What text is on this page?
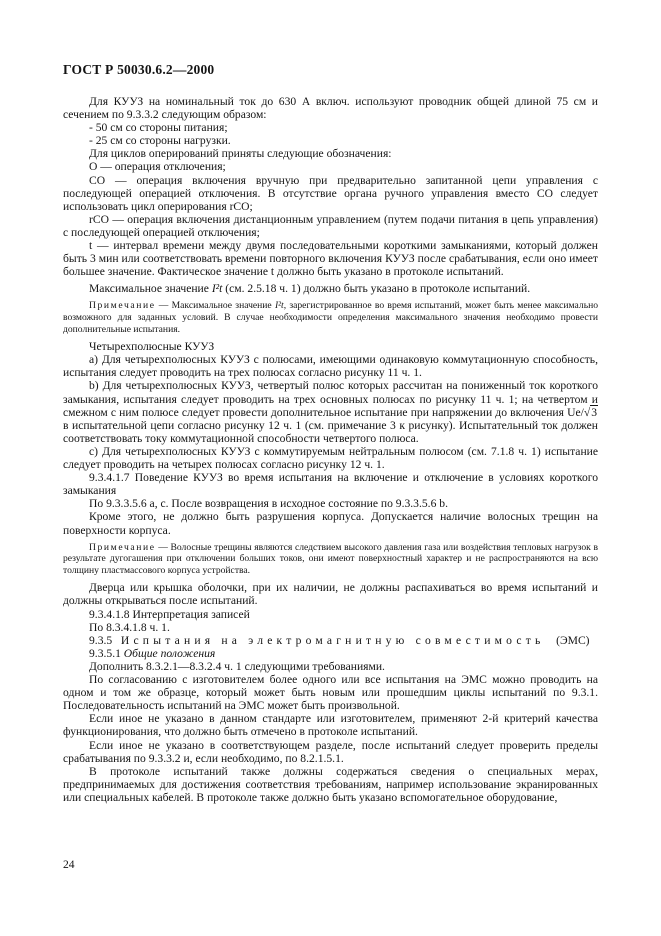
ГОСТ Р 50030.6.2—2000

Для КУУЗ на номинальный ток до 630 А включ. используют проводник общей длиной 75 см и сечением по 9.3.3.2 следующим образом:

- 50 см со стороны питания;

- 25 см со стороны нагрузки.

Для циклов оперирований приняты следующие обозначения:

О — операция отключения;

СО — операция включения вручную при предварительно запитанной цепи управления с последующей операцией отключения. В отсутствие органа ручного управления вместо СО следует использовать цикл оперирования rCO;

rCO — операция включения дистанционным управлением (путем подачи питания в цепь управления) с последующей операцией отключения;

t — интервал времени между двумя последовательными короткими замыканиями, который должен быть 3 мин или соответствовать времени повторного включения КУУЗ после срабатывания, если оно имеет большее значение. Фактическое значение t должно быть указано в протоколе испытаний.

Максимальное значение I²t (см. 2.5.18 ч. 1) должно быть указано в протоколе испытаний.

Примечание — Максимальное значение I²t, зарегистрированное во время испытаний, может быть менее максимально возможного для заданных условий. В случае необходимости определения максимального значения необходимо провести дополнительные испытания.

Четырехполюсные КУУЗ

а) Для четырехполюсных КУУЗ с полюсами, имеющими одинаковую коммутационную способность, испытания следует проводить на трех полюсах согласно рисунку 11 ч. 1.

b) Для четырехполюсных КУУЗ, четвертый полюс которых рассчитан на пониженный ток короткого замыкания, испытания следует проводить на трех основных полюсах по рисунку 11 ч. 1; на четвертом и смежном с ним полюсе следует провести дополнительное испытание при напряжении до включения Ue/√3 в испытательной цепи согласно рисунку 12 ч. 1 (см. примечание 3 к рисунку). Испытательный ток должен соответствовать току коммутационной способности четвертого полюса.

с) Для четырехполюсных КУУЗ с коммутируемым нейтральным полюсом (см. 7.1.8 ч. 1) испытание следует проводить на четырех полюсах согласно рисунку 12 ч. 1.

9.3.4.1.7 Поведение КУУЗ во время испытания на включение и отключение в условиях короткого замыкания

По 9.3.3.5.6 а, с. После возвращения в исходное состояние по 9.3.3.5.6 b.

Кроме этого, не должно быть разрушения корпуса. Допускается наличие волосных трещин на поверхности корпуса.

Примечание — Волосные трещины являются следствием высокого давления газа или воздействия тепловых нагрузок в результате дугогашения при отключении больших токов, они имеют поверхностный характер и не распространяются на всю толщину пластмассового корпуса устройства.

Дверца или крышка оболочки, при их наличии, не должны распахиваться во время испытаний и должны открываться после испытаний.

9.3.4.1.8 Интерпретация записей

По 8.3.4.1.8 ч. 1.

9.3.5 Испытания на электромагнитную совместимость (ЭМС)

9.3.5.1 Общие положения

Дополнить 8.3.2.1—8.3.2.4 ч. 1 следующими требованиями.

По согласованию с изготовителем более одного или все испытания на ЭМС можно проводить на одном и том же образце, который может быть новым или прошедшим циклы испытаний по 9.3.1. Последовательность испытаний на ЭМС может быть произвольной.

Если иное не указано в данном стандарте или изготовителем, применяют 2-й критерий качества функционирования, что должно быть отмечено в протоколе испытаний.

Если иное не указано в соответствующем разделе, после испытаний следует проверить пределы срабатывания по 9.3.3.2 и, если необходимо, по 8.2.1.5.1.

В протоколе испытаний также должны содержаться сведения о специальных мерах, предпринимаемых для достижения соответствия требованиям, например использование экранированных или специальных кабелей. В протоколе также должно быть указано вспомогательное оборудование,

24
